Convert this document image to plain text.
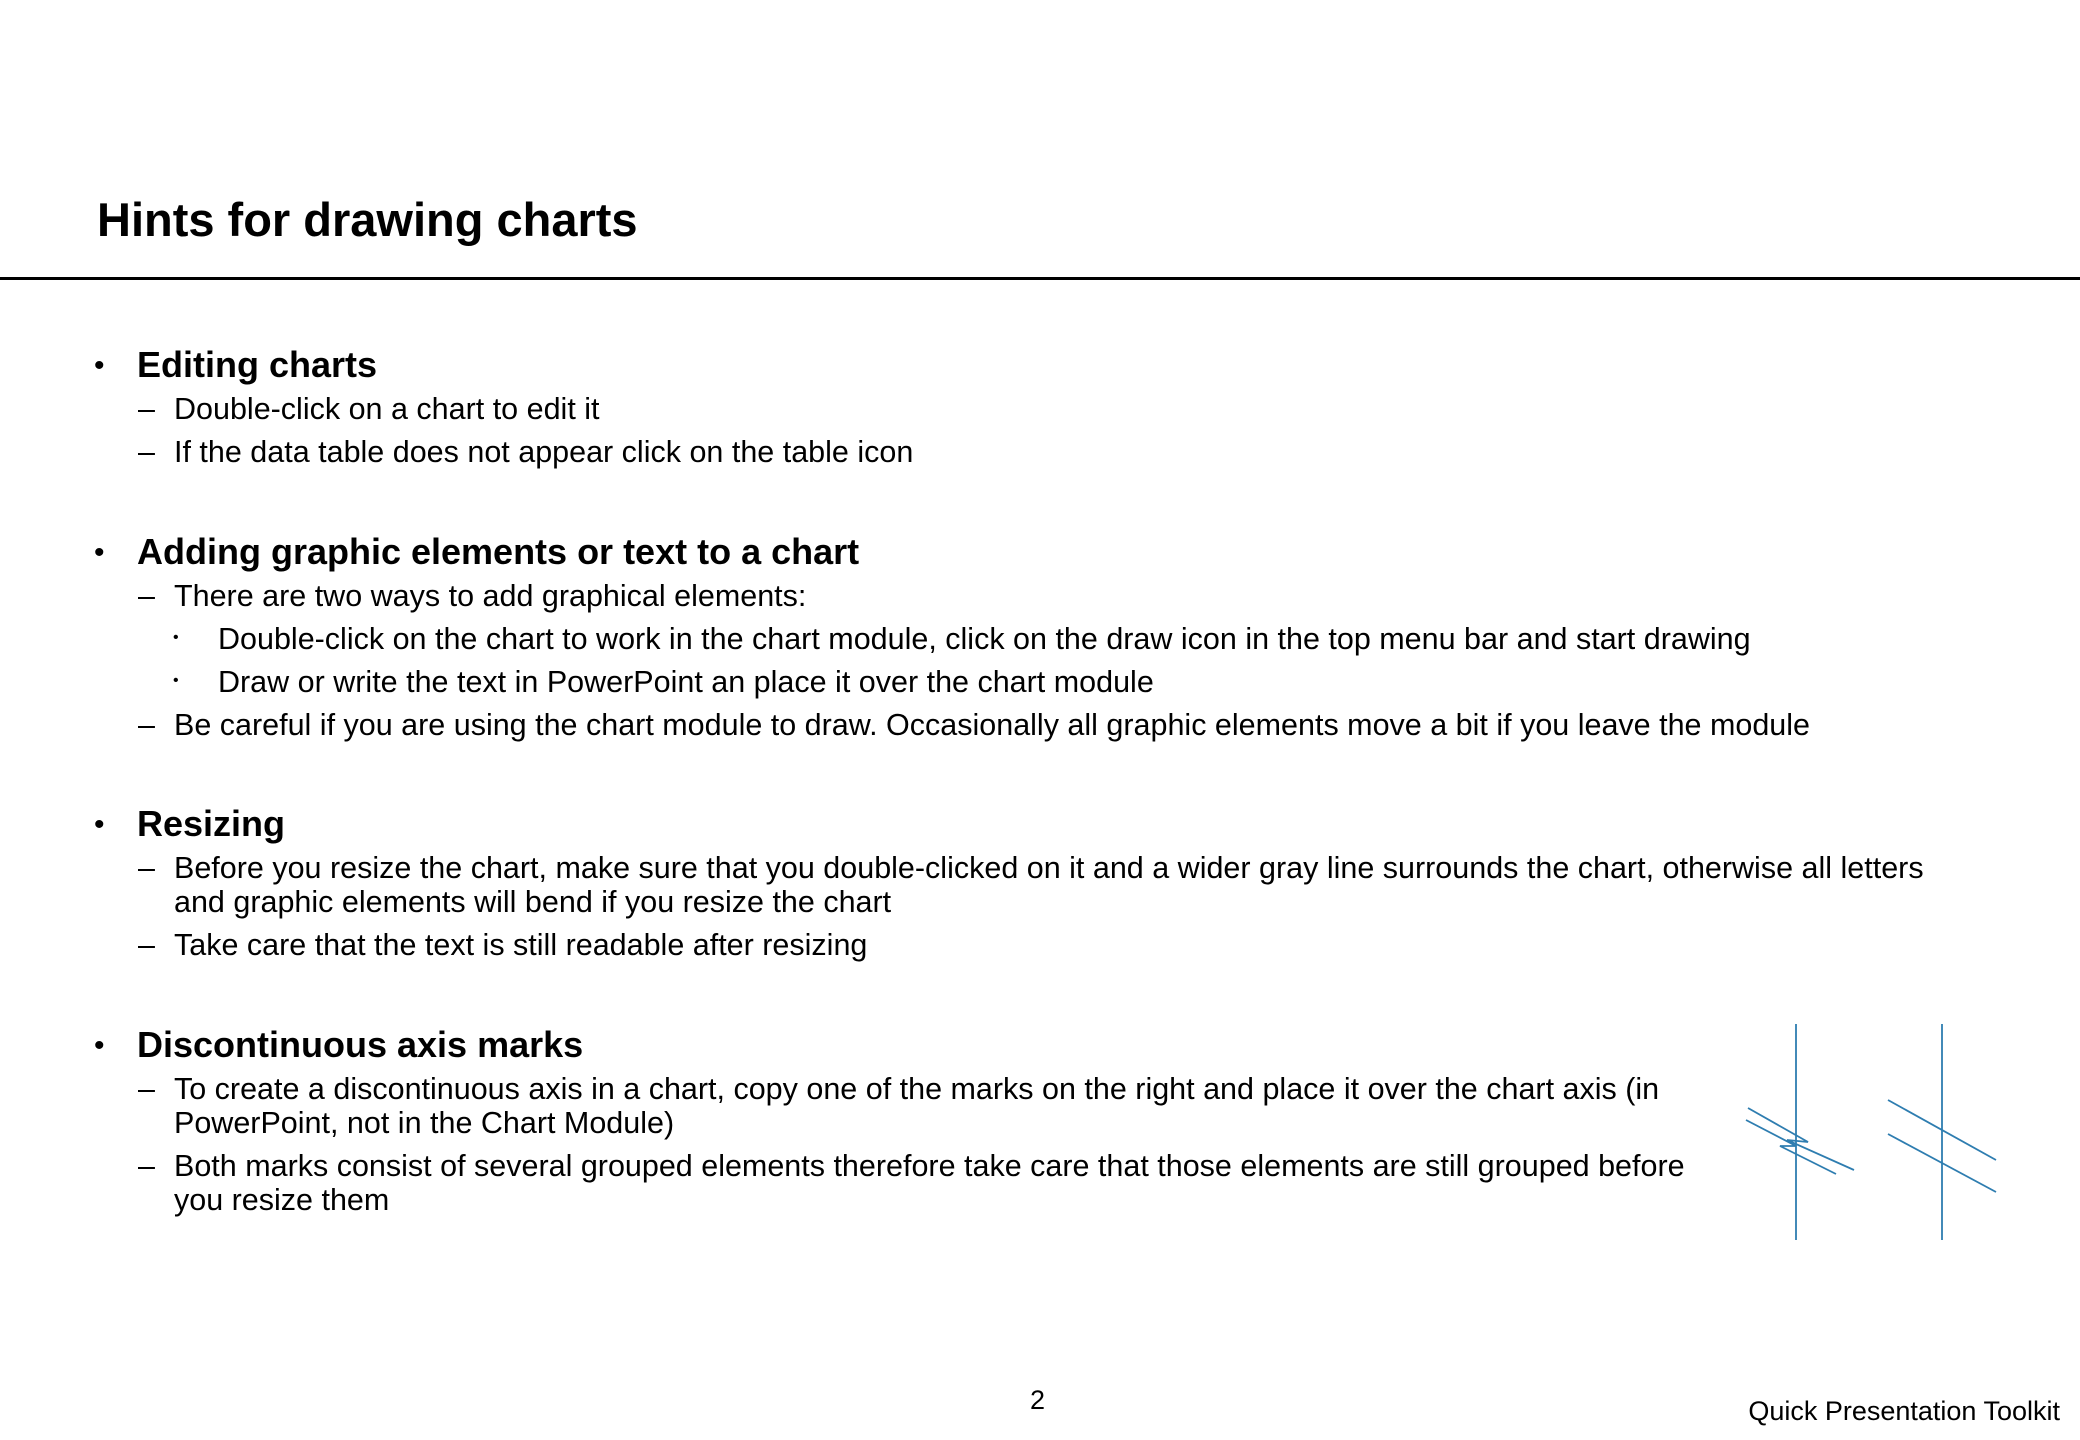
Hints for drawing charts
• Editing charts
– Double-click on a chart to edit it
– If the data table does not appear click on the table icon
• Adding graphic elements or text to a chart
– There are two ways to add graphical elements:
• Double-click on the chart to work in the chart module, click on the draw icon in the top menu bar and start drawing
• Draw or write the text in PowerPoint an place it over the chart module
– Be careful if you are using the chart module to draw. Occasionally all graphic elements move a bit if you leave the module
• Resizing
– Before you resize the chart, make sure that you double-clicked on it and a wider gray line surrounds the chart, otherwise all letters and graphic elements will bend if you resize the chart
– Take care that the text is still readable after resizing
• Discontinuous axis marks
– To create a discontinuous axis in a chart, copy one of the marks on the right and place it over the chart axis (in PowerPoint, not in the Chart Module)
– Both marks consist of several grouped elements therefore take care that those elements are still grouped before you resize them
2	Quick Presentation Toolkit
